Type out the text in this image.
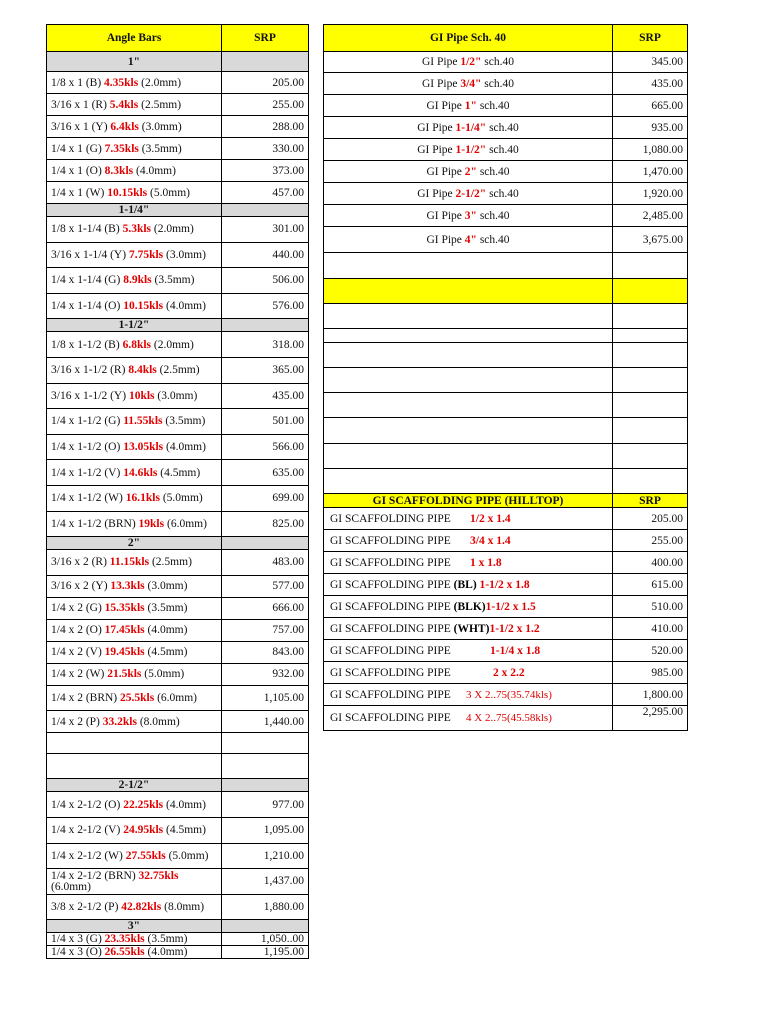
Angle Bars	SRP
1"	
1/8 x 1 (B) 4.35kls (2.0mm)	205.00
3/16 x 1 (R) 5.4kls (2.5mm)	255.00
3/16 x 1 (Y) 6.4kls (3.0mm)	288.00
1/4 x 1 (G) 7.35kls (3.5mm)	330.00
1/4 x 1 (O) 8.3kls (4.0mm)	373.00
1/4 x 1 (W) 10.15kls (5.0mm)	457.00
1-1/4"	
1/8 x 1-1/4 (B) 5.3kls (2.0mm)	301.00
3/16 x 1-1/4 (Y) 7.75kls (3.0mm)	440.00
1/4 x 1-1/4 (G) 8.9kls (3.5mm)	506.00
1/4 x 1-1/4 (O) 10.15kls (4.0mm)	576.00
1-1/2"	
1/8 x 1-1/2 (B) 6.8kls (2.0mm)	318.00
3/16 x 1-1/2 (R) 8.4kls (2.5mm)	365.00
3/16 x 1-1/2 (Y) 10kls (3.0mm)	435.00
1/4 x 1-1/2 (G) 11.55kls (3.5mm)	501.00
1/4 x 1-1/2 (O) 13.05kls (4.0mm)	566.00
1/4 x 1-1/2 (V) 14.6kls (4.5mm)	635.00
1/4 x 1-1/2 (W) 16.1kls (5.0mm)	699.00
1/4 x 1-1/2 (BRN) 19kls (6.0mm)	825.00
2"	
3/16 x 2 (R) 11.15kls (2.5mm)	483.00
3/16 x 2 (Y) 13.3kls (3.0mm)	577.00
1/4 x 2 (G) 15.35kls (3.5mm)	666.00
1/4 x 2 (O) 17.45kls (4.0mm)	757.00
1/4 x 2 (V) 19.45kls (4.5mm)	843.00
1/4 x 2 (W) 21.5kls (5.0mm)	932.00
1/4 x 2 (BRN) 25.5kls (6.0mm)	1,105.00
1/4 x 2 (P) 33.2kls (8.0mm)	1,440.00

2-1/2"	
1/4 x 2-1/2 (O) 22.25kls (4.0mm)	977.00
1/4 x 2-1/2 (V) 24.95kls (4.5mm)	1,095.00
1/4 x 2-1/2 (W) 27.55kls (5.0mm)	1,210.00
1/4 x 2-1/2 (BRN) 32.75kls (6.0mm)	1,437.00
3/8 x 2-1/2 (P) 42.82kls (8.0mm)	1,880.00
3"	
1/4 x 3 (G) 23.35kls (3.5mm)	1,050..00
1/4 x 3 (O) 26.55kls (4.0mm)	1,195.00
GI Pipe Sch. 40	SRP
GI Pipe 1/2" sch.40	345.00
GI Pipe 3/4" sch.40	435.00
GI Pipe 1" sch.40	665.00
GI Pipe 1-1/4" sch.40	935.00
GI Pipe 1-1/2" sch.40	1,080.00
GI Pipe 2" sch.40	1,470.00
GI Pipe 2-1/2" sch.40	1,920.00
GI Pipe 3" sch.40	2,485.00
GI Pipe 4" sch.40	3,675.00

GI SCAFFOLDING PIPE (HILLTOP)	SRP
GI SCAFFOLDING PIPE 1/2 x 1.4	205.00
GI SCAFFOLDING PIPE 3/4 x 1.4	255.00
GI SCAFFOLDING PIPE 1 x 1.8	400.00
GI SCAFFOLDING PIPE (BL) 1-1/2 x 1.8	615.00
GI SCAFFOLDING PIPE (BLK)1-1/2 x 1.5	510.00
GI SCAFFOLDING PIPE (WHT)1-1/2 x 1.2	410.00
GI SCAFFOLDING PIPE 1-1/4 x 1.8	520.00
GI SCAFFOLDING PIPE 2 x 2.2	985.00
GI SCAFFOLDING PIPE 3 X 2..75(35.74kls)	1,800.00
GI SCAFFOLDING PIPE 4 X 2..75(45.58kls)	2,295.00
